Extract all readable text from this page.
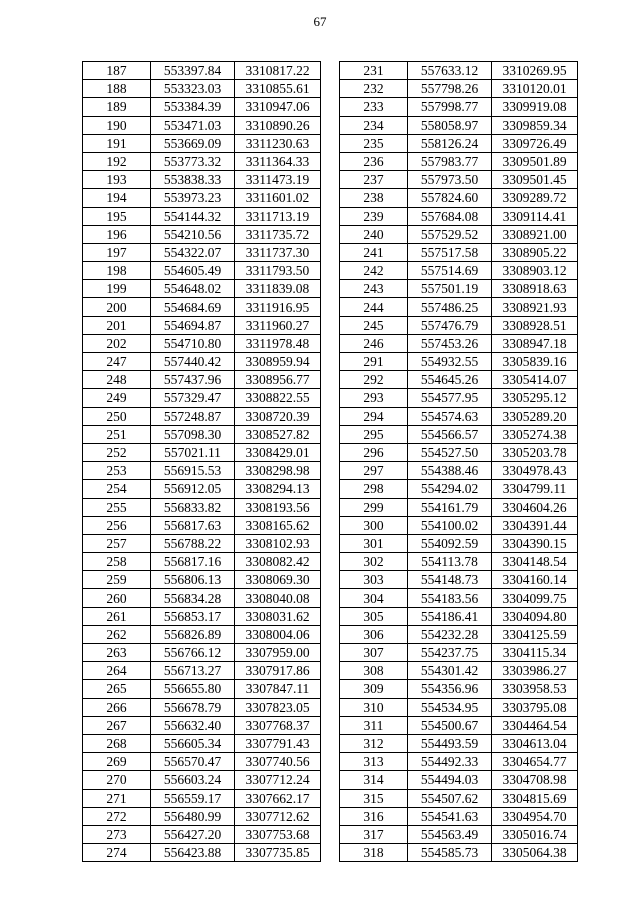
67
187	553397.84	3310817.22
188	553323.03	3310855.61
189	553384.39	3310947.06
190	553471.03	3310890.26
191	553669.09	3311230.63
192	553773.32	3311364.33
193	553838.33	3311473.19
194	553973.23	3311601.02
195	554144.32	3311713.19
196	554210.56	3311735.72
197	554322.07	3311737.30
198	554605.49	3311793.50
199	554648.02	3311839.08
200	554684.69	3311916.95
201	554694.87	3311960.27
202	554710.80	3311978.48
247	557440.42	3308959.94
248	557437.96	3308956.77
249	557329.47	3308822.55
250	557248.87	3308720.39
251	557098.30	3308527.82
252	557021.11	3308429.01
253	556915.53	3308298.98
254	556912.05	3308294.13
255	556833.82	3308193.56
256	556817.63	3308165.62
257	556788.22	3308102.93
258	556817.16	3308082.42
259	556806.13	3308069.30
260	556834.28	3308040.08
261	556853.17	3308031.62
262	556826.89	3308004.06
263	556766.12	3307959.00
264	556713.27	3307917.86
265	556655.80	3307847.11
266	556678.79	3307823.05
267	556632.40	3307768.37
268	556605.34	3307791.43
269	556570.47	3307740.56
270	556603.24	3307712.24
271	556559.17	3307662.17
272	556480.99	3307712.62
273	556427.20	3307753.68
274	556423.88	3307735.85
231	557633.12	3310269.95
232	557798.26	3310120.01
233	557998.77	3309919.08
234	558058.97	3309859.34
235	558126.24	3309726.49
236	557983.77	3309501.89
237	557973.50	3309501.45
238	557824.60	3309289.72
239	557684.08	3309114.41
240	557529.52	3308921.00
241	557517.58	3308905.22
242	557514.69	3308903.12
243	557501.19	3308918.63
244	557486.25	3308921.93
245	557476.79	3308928.51
246	557453.26	3308947.18
291	554932.55	3305839.16
292	554645.26	3305414.07
293	554577.95	3305295.12
294	554574.63	3305289.20
295	554566.57	3305274.38
296	554527.50	3305203.78
297	554388.46	3304978.43
298	554294.02	3304799.11
299	554161.79	3304604.26
300	554100.02	3304391.44
301	554092.59	3304390.15
302	554113.78	3304148.54
303	554148.73	3304160.14
304	554183.56	3304099.75
305	554186.41	3304094.80
306	554232.28	3304125.59
307	554237.75	3304115.34
308	554301.42	3303986.27
309	554356.96	3303958.53
310	554534.95	3303795.08
311	554500.67	3304464.54
312	554493.59	3304613.04
313	554492.33	3304654.77
314	554494.03	3304708.98
315	554507.62	3304815.69
316	554541.63	3304954.70
317	554563.49	3305016.74
318	554585.73	3305064.38
